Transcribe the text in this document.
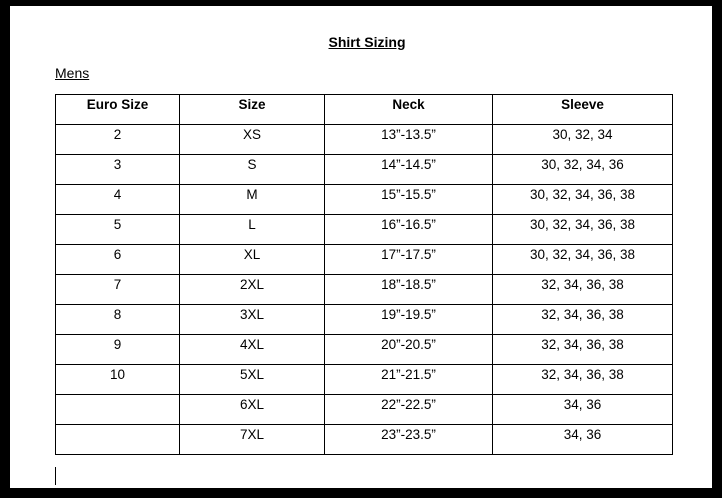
Shirt Sizing
Mens
Euro Size	Size	Neck	Sleeve
2	XS	13”-13.5”	30, 32, 34
3	S	14”-14.5”	30, 32, 34, 36
4	M	15”-15.5”	30, 32, 34, 36, 38
5	L	16”-16.5”	30, 32, 34, 36, 38
6	XL	17”-17.5”	30, 32, 34, 36, 38
7	2XL	18”-18.5”	32, 34, 36, 38
8	3XL	19”-19.5”	32, 34, 36, 38
9	4XL	20”-20.5”	32, 34, 36, 38
10	5XL	21”-21.5”	32, 34, 36, 38
	6XL	22”-22.5”	34, 36
	7XL	23”-23.5”	34, 36
